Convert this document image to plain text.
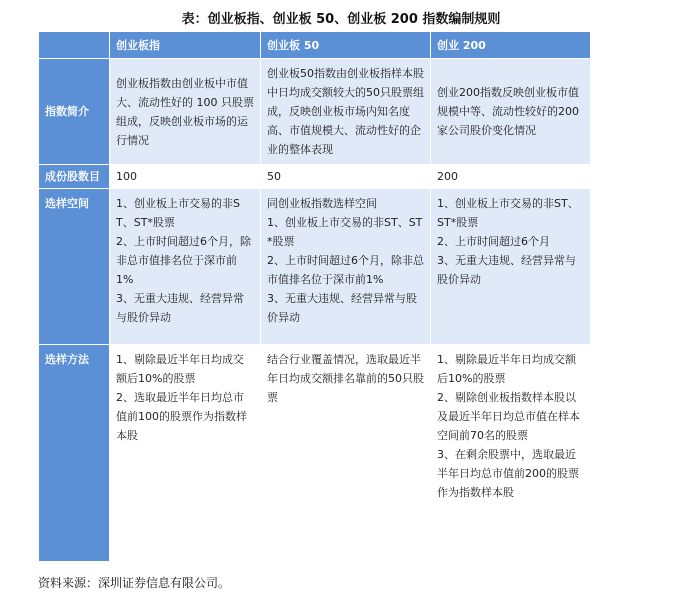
表：创业板指、创业板 50、创业板 200 指数编制规则
	创业板指	创业板 50	创业 200
指数简介	创业板指数由创业板中市值大、流动性好的 100 只股票组成，反映创业板市场的运行情况	创业板50指数由创业板指样本股中日均成交额较大的50只股票组成，反映创业板市场内知名度高、市值规模大、流动性好的企业的整体表现	创业200指数反映创业板市值规模中等、流动性较好的200家公司股价变化情况
成份股数目	100	50	200
选样空间	1、创业板上市交易的非ST、ST*股票
2、上市时间超过6个月，除非总市值排名位于深市前1%
3、无重大违规、经营异常与股价异动	同创业板指数选样空间
1、创业板上市交易的非ST、ST*股票
2、上市时间超过6个月，除非总市值排名位于深市前1%
3、无重大违规、经营异常与股价异动	1、创业板上市交易的非ST、ST*股票
2、上市时间超过6个月
3、无重大违规、经营异常与股价异动

选样方法	1、剔除最近半年日均成交额后10%的股票
2、选取最近半年日均总市值前100的股票作为指数样本股	结合行业覆盖情况，选取最近半年日均成交额排名靠前的50只股票	1、剔除最近半年日均成交额后10%的股票
2、剔除创业板指数样本股以及最近半年日均总市值在样本空间前70名的股票
3、在剩余股票中，选取最近半年日均总市值前200的股票作为指数样本股
资料来源：深圳证券信息有限公司。
